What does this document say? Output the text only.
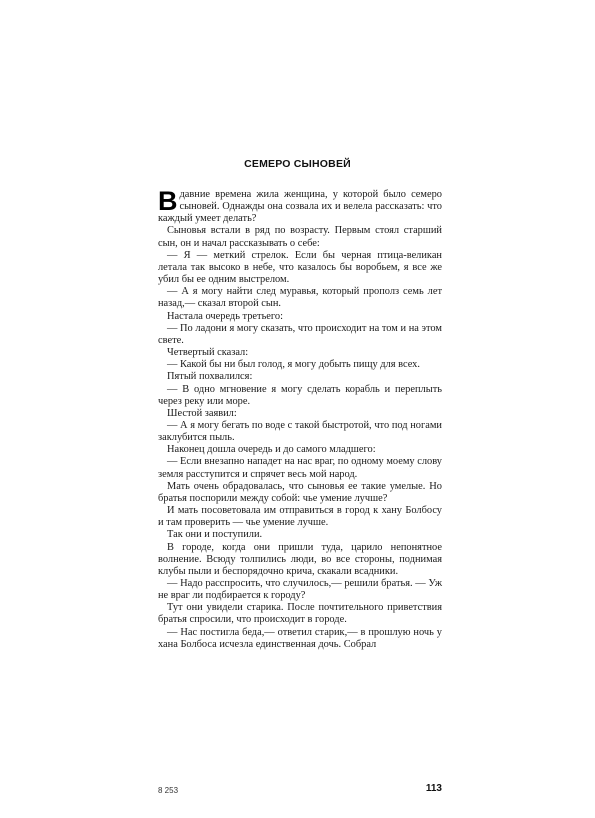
СЕМЕРО СЫНОВЕЙ

Вдавние времена жила женщина, у которой было семеро сыновей. Однажды она созвала их и велела рассказать: что каждый умеет делать?

Сыновья встали в ряд по возрасту. Первым стоял старший сын, он и начал рассказывать о себе:

— Я — меткий стрелок. Если бы черная птица-великан летала так высоко в небе, что казалось бы воробьем, я все же убил бы ее одним выстрелом.

— А я могу найти след муравья, который прополз семь лет назад,— сказал второй сын.

Настала очередь третьего:

— По ладони я могу сказать, что происходит на том и на этом свете.

Четвертый сказал:

— Какой бы ни был голод, я могу добыть пищу для всех.

Пятый похвалился:

— В одно мгновение я могу сделать корабль и переплыть через реку или море.

Шестой заявил:

— А я могу бегать по воде с такой быстротой, что под ногами заклубится пыль.

Наконец дошла очередь и до самого младшего:

— Если внезапно нападет на нас враг, по одному моему слову земля расступится и спрячет весь мой народ.

Мать очень обрадовалась, что сыновья ее такие умелые. Но братья поспорили между собой: чье умение лучше?

И мать посоветовала им отправиться в город к хану Болбосу и там проверить — чье умение лучше.

Так они и поступили.

В городе, когда они пришли туда, царило непонятное волнение. Всюду толпились люди, во все стороны, поднимая клубы пыли и беспорядочно крича, скакали всадники.

— Надо расспросить, что случилось,— решили братья. — Уж не враг ли подбирается к городу?

Тут они увидели старика. После почтительного приветствия братья спросили, что происходит в городе.

— Нас постигла беда,— ответил старик,— в прошлую ночь у хана Болбоса исчезла единственная дочь. Собрал

8 253	113
